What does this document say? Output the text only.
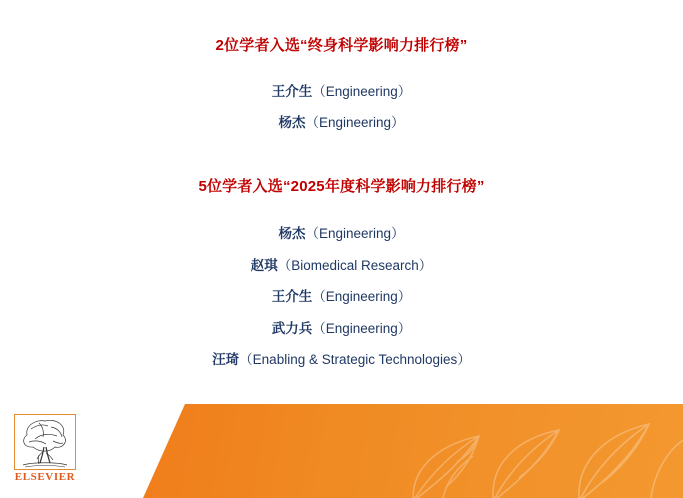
2位学者入选“终身科学影响力排行榜”
王介生（Engineering）
杨杰（Engineering）
5位学者入选“2025年度科学影响力排行榜”
杨杰（Engineering）
赵琪（Biomedical Research）
王介生（Engineering）
武力兵（Engineering）
汪琦（Enabling & Strategic Technologies）
ELSEVIER
